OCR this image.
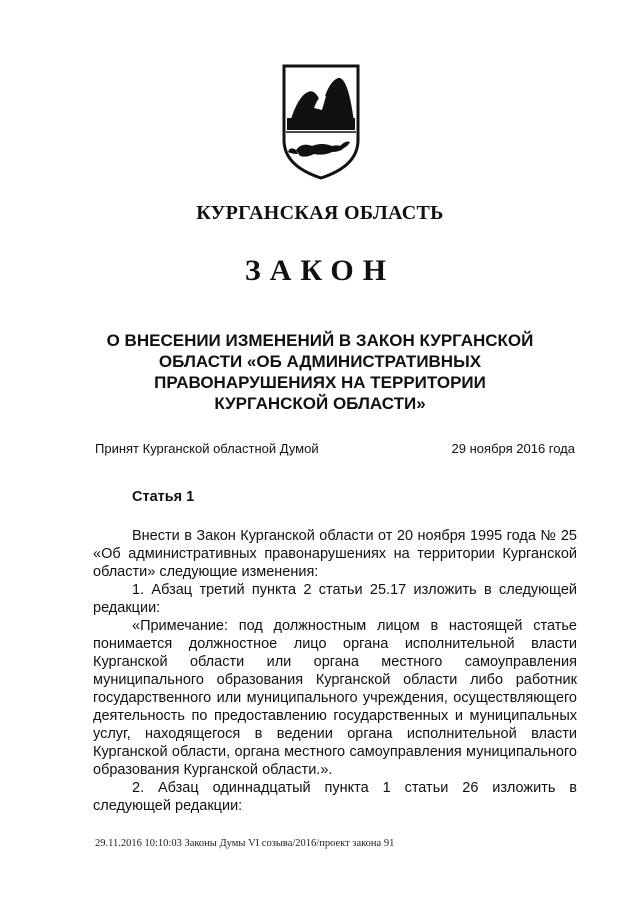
КУРГАНСКАЯ ОБЛАСТЬ
ЗАКОН
О ВНЕСЕНИИ ИЗМЕНЕНИЙ В ЗАКОН КУРГАНСКОЙ ОБЛАСТИ «ОБ АДМИНИСТРАТИВНЫХ ПРАВОНАРУШЕНИЯХ НА ТЕРРИТОРИИ КУРГАНСКОЙ ОБЛАСТИ»
Принят Курганской областной Думой	29 ноября 2016 года
Статья 1

Внести в Закон Курганской области от 20 ноября 1995 года № 25 «Об административных правонарушениях на территории Курганской области» следующие изменения:

1. Абзац третий пункта 2 статьи 25.17 изложить в следующей редакции:

«Примечание: под должностным лицом в настоящей статье понимается должностное лицо органа исполнительной власти Курганской области или органа местного самоуправления муниципального образования Курганской области либо работник государственного или муниципального учреждения, осуществляющего деятельность по предоставлению государственных и муниципальных услуг, находящегося в ведении органа исполнительной власти Курганской области, органа местного самоуправления муниципального образования Курганской области.».

2. Абзац одиннадцатый пункта 1 статьи 26 изложить в следующей редакции:

29.11.2016 10:10:03 Законы Думы VI созыва/2016/проект закона 91
